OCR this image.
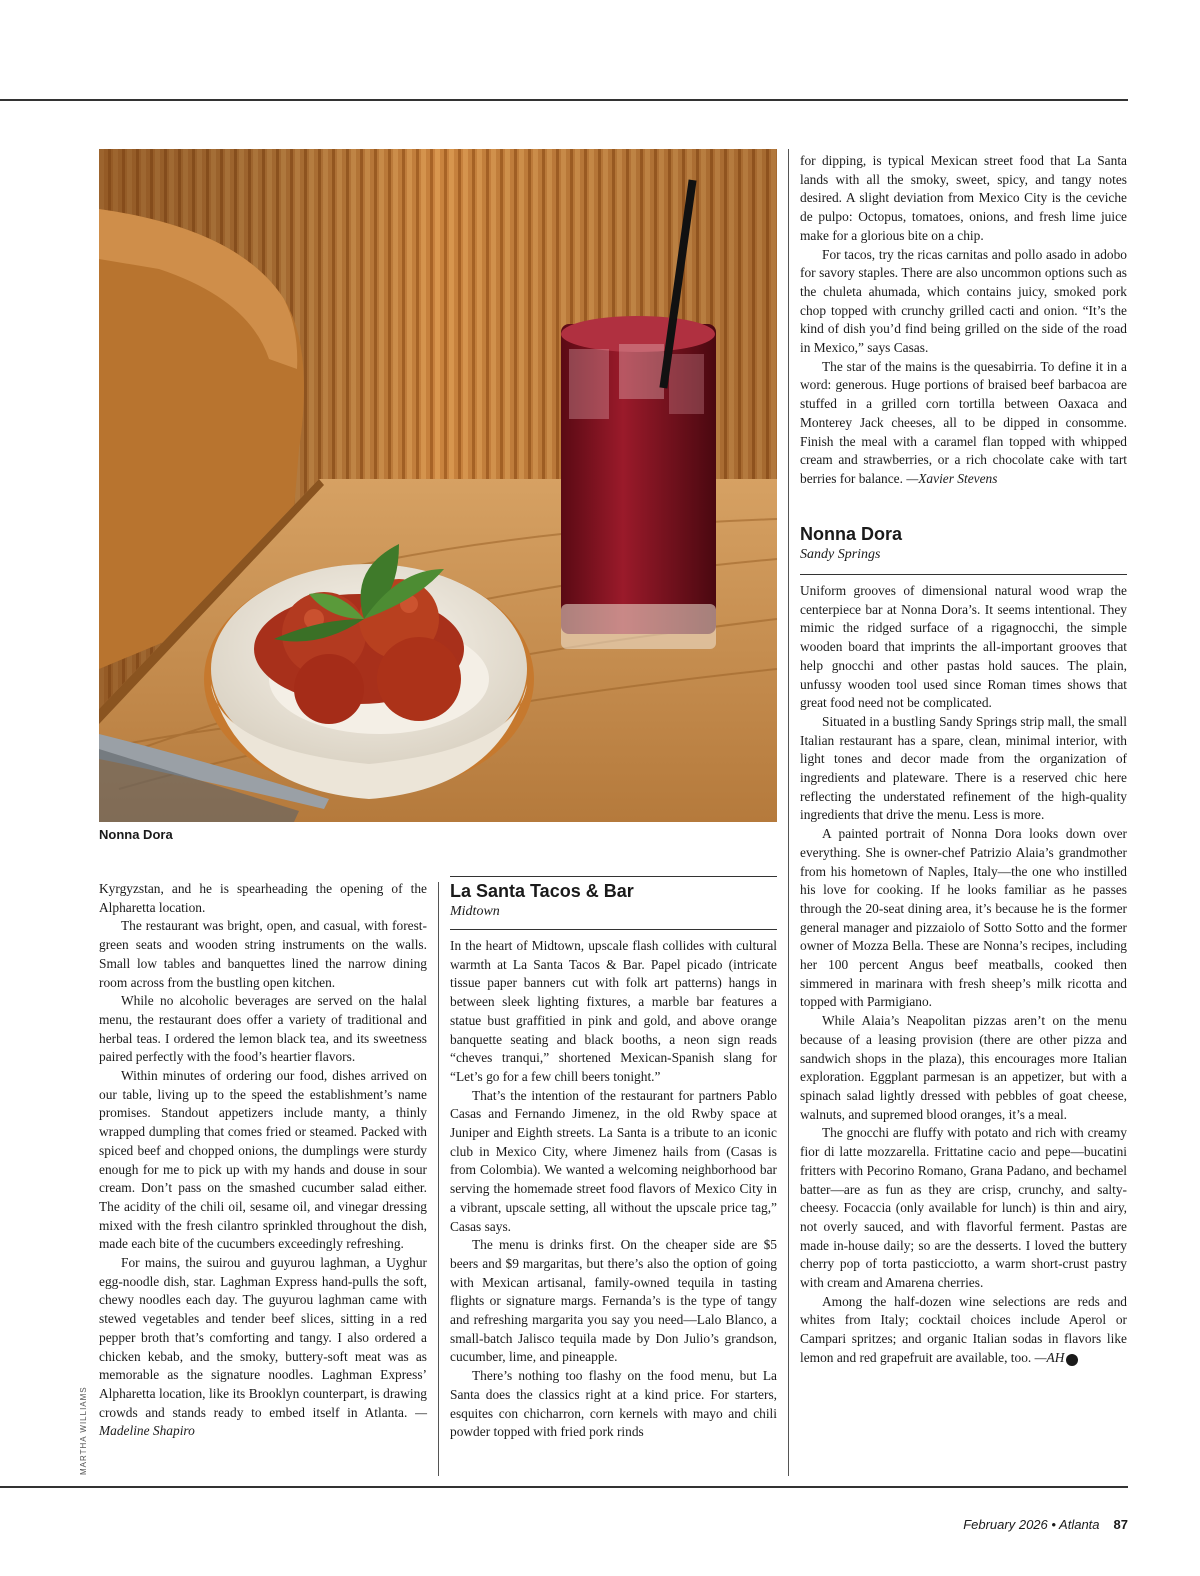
Nonna Dora
MARTHA WILLIAMS

Kyrgyzstan, and he is spearheading the opening of the Alpharetta location.

The restaurant was bright, open, and casual, with forest-green seats and wooden string instruments on the walls. Small low tables and banquettes lined the narrow dining room across from the bustling open kitchen.

While no alcoholic beverages are served on the halal menu, the restaurant does offer a variety of traditional and herbal teas. I ordered the lemon black tea, and its sweetness paired perfectly with the food’s heartier flavors.

Within minutes of ordering our food, dishes arrived on our table, living up to the speed the establishment’s name promises. Standout appetizers include manty, a thinly wrapped dumpling that comes fried or steamed. Packed with spiced beef and chopped onions, the dumplings were sturdy enough for me to pick up with my hands and douse in sour cream. Don’t pass on the smashed cucumber salad either. The acidity of the chili oil, sesame oil, and vinegar dressing mixed with the fresh cilantro sprinkled throughout the dish, made each bite of the cucumbers exceedingly refreshing.

For mains, the suirou and guyurou laghman, a Uyghur egg-noodle dish, star. Laghman Express hand-pulls the soft, chewy noodles each day. The guyurou laghman came with stewed vegetables and tender beef slices, sitting in a red pepper broth that’s comforting and tangy. I also ordered a chicken kebab, and the smoky, buttery-soft meat was as memorable as the signature noodles. Laghman Express’ Alpharetta location, like its Brooklyn counterpart, is drawing crowds and stands ready to embed itself in Atlanta. —Madeline Shapiro

La Santa Tacos & Bar
Midtown

In the heart of Midtown, upscale flash collides with cultural warmth at La Santa Tacos & Bar. Papel picado (intricate tissue paper banners cut with folk art patterns) hangs in between sleek lighting fixtures, a marble bar features a statue bust graffitied in pink and gold, and above orange banquette seating and black booths, a neon sign reads “cheves tranqui,” shortened Mexican-Spanish slang for “Let’s go for a few chill beers tonight.”

That’s the intention of the restaurant for partners Pablo Casas and Fernando Jimenez, in the old Rwby space at Juniper and Eighth streets. La Santa is a tribute to an iconic club in Mexico City, where Jimenez hails from (Casas is from Colombia). We wanted a welcoming neighborhood bar serving the homemade street food flavors of Mexico City in a vibrant, upscale setting, all without the upscale price tag,” Casas says.

The menu is drinks first. On the cheaper side are $5 beers and $9 margaritas, but there’s also the option of going with Mexican artisanal, family-owned tequila in tasting flights or signature margs. Fernanda’s is the type of tangy and refreshing margarita you say you need—Lalo Blanco, a small-batch Jalisco tequila made by Don Julio’s grandson, cucumber, lime, and pineapple.

There’s nothing too flashy on the food menu, but La Santa does the classics right at a kind price. For starters, esquites con chicharron, corn kernels with mayo and chili powder topped with fried pork rinds

for dipping, is typical Mexican street food that La Santa lands with all the smoky, sweet, spicy, and tangy notes desired. A slight deviation from Mexico City is the ceviche de pulpo: Octopus, tomatoes, onions, and fresh lime juice make for a glorious bite on a chip.

For tacos, try the ricas carnitas and pollo asado in adobo for savory staples. There are also uncommon options such as the chuleta ahumada, which contains juicy, smoked pork chop topped with crunchy grilled cacti and onion. “It’s the kind of dish you’d find being grilled on the side of the road in Mexico,” says Casas.

The star of the mains is the quesabirria. To define it in a word: generous. Huge portions of braised beef barbacoa are stuffed in a grilled corn tortilla between Oaxaca and Monterey Jack cheeses, all to be dipped in consomme. Finish the meal with a caramel flan topped with whipped cream and strawberries, or a rich chocolate cake with tart berries for balance. —Xavier Stevens

Nonna Dora
Sandy Springs

Uniform grooves of dimensional natural wood wrap the centerpiece bar at Nonna Dora’s. It seems intentional. They mimic the ridged surface of a rigagnocchi, the simple wooden board that imprints the all-important grooves that help gnocchi and other pastas hold sauces. The plain, unfussy wooden tool used since Roman times shows that great food need not be complicated.

Situated in a bustling Sandy Springs strip mall, the small Italian restaurant has a spare, clean, minimal interior, with light tones and decor made from the organization of ingredients and plateware. There is a reserved chic here reflecting the understated refinement of the high-quality ingredients that drive the menu. Less is more.

A painted portrait of Nonna Dora looks down over everything. She is owner-chef Patrizio Alaia’s grandmother from his hometown of Naples, Italy—the one who instilled his love for cooking. If he looks familiar as he passes through the 20-seat dining area, it’s because he is the former general manager and pizzaiolo of Sotto Sotto and the former owner of Mozza Bella. These are Nonna’s recipes, including her 100 percent Angus beef meatballs, cooked then simmered in marinara with fresh sheep’s milk ricotta and topped with Parmigiano.

While Alaia’s Neapolitan pizzas aren’t on the menu because of a leasing provision (there are other pizza and sandwich shops in the plaza), this encourages more Italian exploration. Eggplant parmesan is an appetizer, but with a spinach salad lightly dressed with pebbles of goat cheese, walnuts, and supremed blood oranges, it’s a meal.

The gnocchi are fluffy with potato and rich with creamy fior di latte mozzarella. Frittatine cacio and pepe—bucatini fritters with Pecorino Romano, Grana Padano, and bechamel batter—are as fun as they are crisp, crunchy, and salty-cheesy. Focaccia (only available for lunch) is thin and airy, not overly sauced, and with flavorful ferment. Pastas are made in-house daily; so are the desserts. I loved the buttery cherry pop of torta pasticciotto, a warm short-crust pastry with cream and Amarena cherries.

Among the half-dozen wine selections are reds and whites from Italy; cocktail choices include Aperol or Campari spritzes; and organic Italian sodas in flavors like lemon and red grapefruit are available, too. —AH	A

February 2026 • Atlanta 87
